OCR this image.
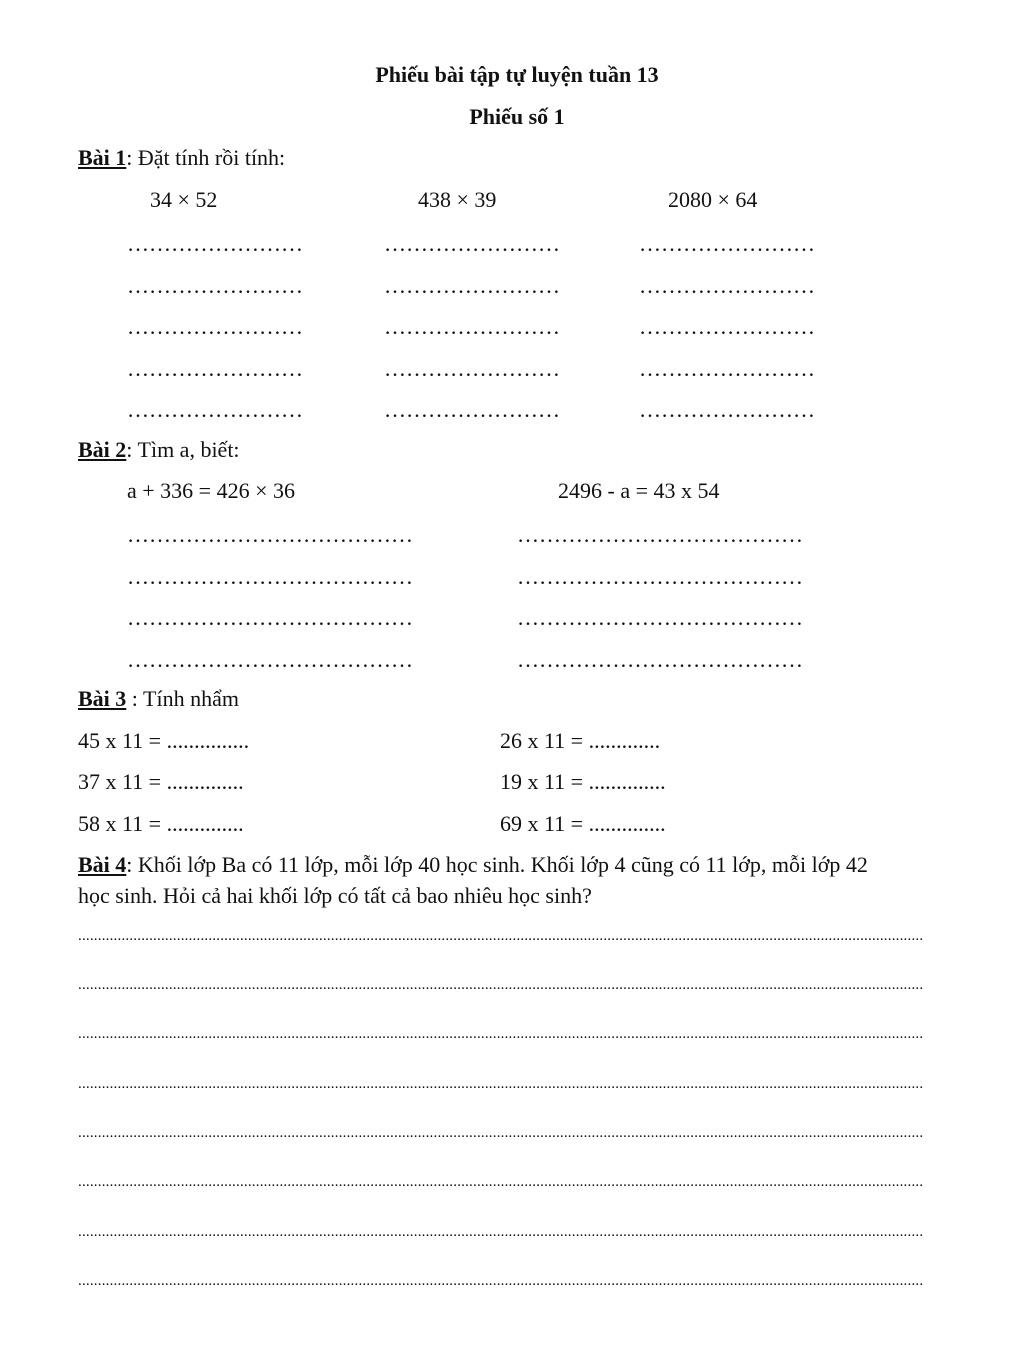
Phiếu bài tập tự luyện tuần 13
Phiếu số 1
Bài 1: Đặt tính rồi tính:
34 × 52	438 × 39	2080 × 64
……………………	……………………	……………………
……………………	……………………	……………………
……………………	……………………	……………………
……………………	……………………	……………………
……………………	……………………	……………………
Bài 2: Tìm a, biết:
a + 336 = 426 × 36	2496 - a = 43 x 54
…………………………………	…………………………………
…………………………………	…………………………………
…………………………………	…………………………………
…………………………………	…………………………………
Bài 3 : Tính nhẩm
45 x 11 = ...............	26 x 11 = .............
37 x 11 = ..............	19 x 11 = ..............
58 x 11 = ..............	69 x 11 = ..............
Bài 4: Khối lớp Ba có 11 lớp, mỗi lớp 40 học sinh. Khối lớp 4 cũng có 11 lớp, mỗi lớp 42
học sinh. Hỏi cả hai khối lớp có tất cả bao nhiêu học sinh?
......................................................................................................................................................................................................................
......................................................................................................................................................................................................................
......................................................................................................................................................................................................................
......................................................................................................................................................................................................................
......................................................................................................................................................................................................................
......................................................................................................................................................................................................................
......................................................................................................................................................................................................................
......................................................................................................................................................................................................................
